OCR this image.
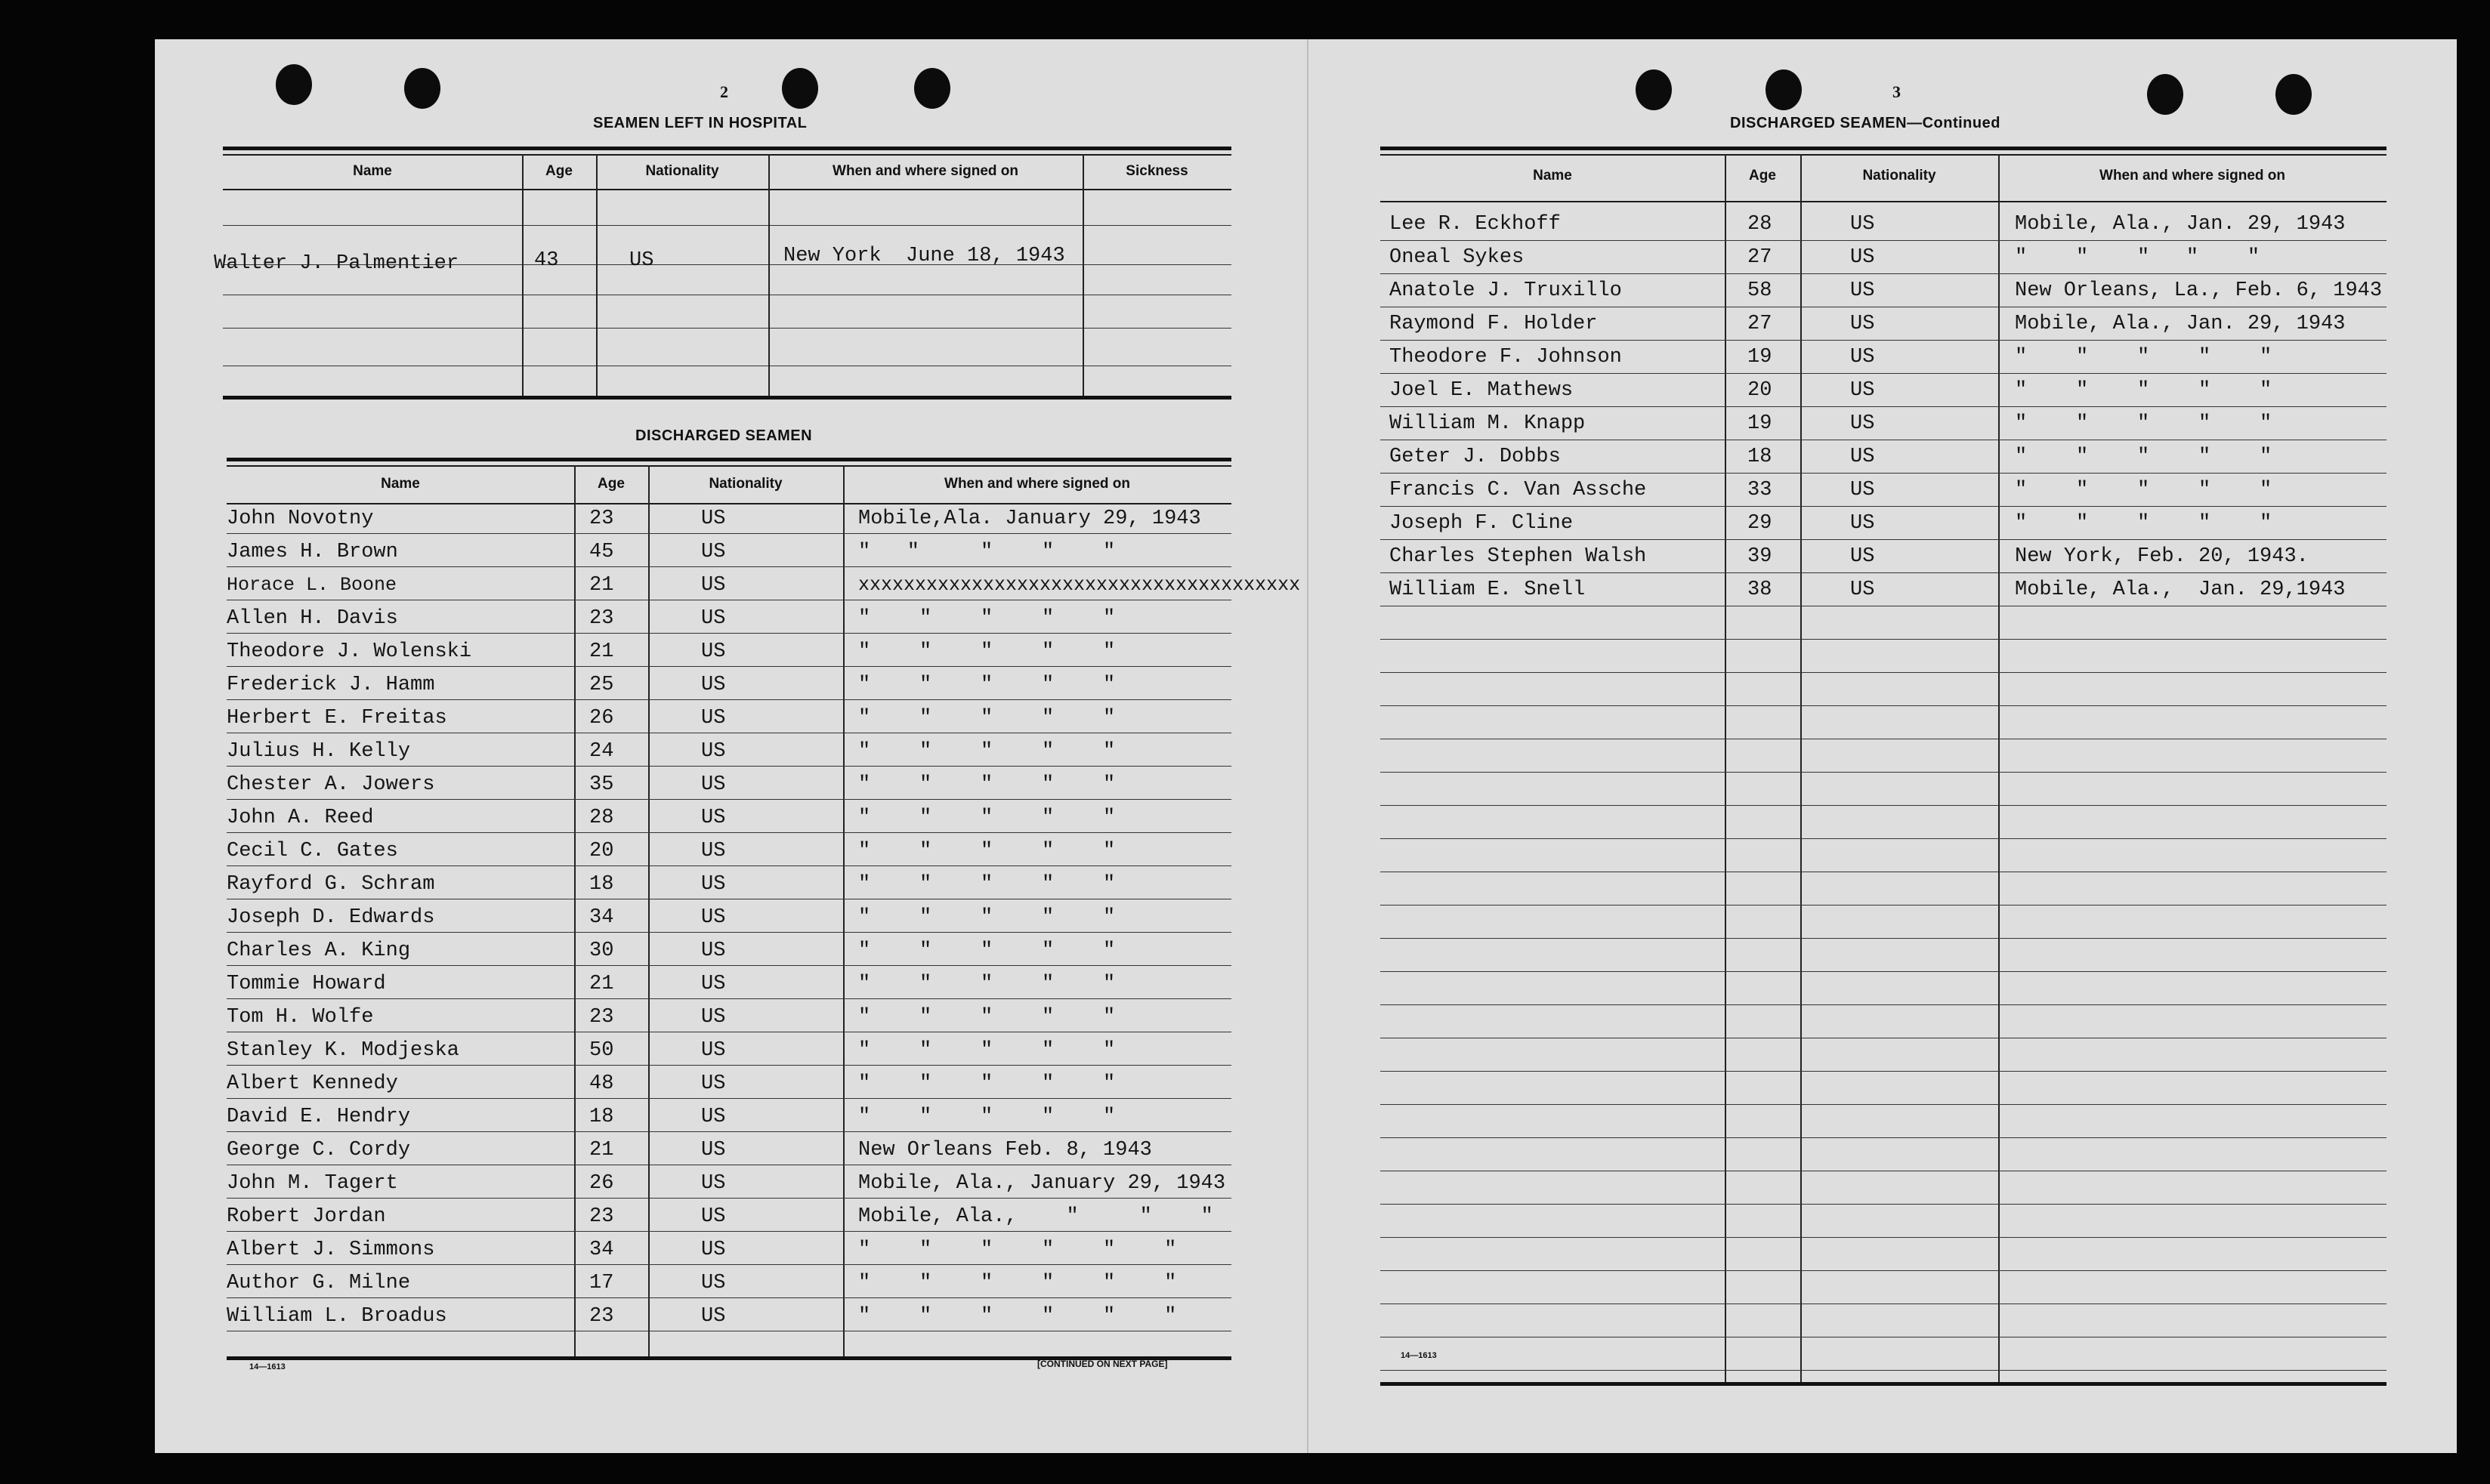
2
SEAMEN LEFT IN HOSPITAL
Name	Age	Nationality	When and where signed on	Sickness
Walter J. Palmentier	43	US	New York  June 18, 1943
DISCHARGED SEAMEN
Name	Age	Nationality	When and where signed on
John Novotny	23	US	Mobile,Ala. January 29, 1943
James H. Brown	45	US	"   "     "    "    "
Horace L. Boone	21	US	xxxxxxxxxxxxxxxxxxxxxxxxxxxxxxxxxxxxxxx
Allen H. Davis	23	US	"    "    "    "    "
Theodore J. Wolenski	21	US	"    "    "    "    "
Frederick J. Hamm	25	US	"    "    "    "    "
Herbert E. Freitas	26	US	"    "    "    "    "
Julius H. Kelly	24	US	"    "    "    "    "
Chester A. Jowers	35	US	"    "    "    "    "
John A. Reed	28	US	"    "    "    "    "
Cecil C. Gates	20	US	"    "    "    "    "
Rayford G. Schram	18	US	"    "    "    "    "
Joseph D. Edwards	34	US	"    "    "    "    "
Charles A. King	30	US	"    "    "    "    "
Tommie Howard	21	US	"    "    "    "    "
Tom H. Wolfe	23	US	"    "    "    "    "
Stanley K. Modjeska	50	US	"    "    "    "    "
Albert Kennedy	48	US	"    "    "    "    "
David E. Hendry	18	US	"    "    "    "    "
George C. Cordy	21	US	New Orleans Feb. 8, 1943
John M. Tagert	26	US	Mobile, Ala., January 29, 1943
Robert Jordan	23	US	Mobile, Ala.,    "     "    "
Albert J. Simmons	34	US	"    "    "    "    "    "
Author G. Milne	17	US	"    "    "    "    "    "
William L. Broadus	23	US	"    "    "    "    "    "
14—1613	[CONTINUED ON NEXT PAGE]
3
DISCHARGED SEAMEN—Continued
Name	Age	Nationality	When and where signed on
Lee R. Eckhoff	28	US	Mobile, Ala., Jan. 29, 1943
Oneal Sykes	27	US	"    "    "   "    "
Anatole J. Truxillo	58	US	New Orleans, La., Feb. 6, 1943
Raymond F. Holder	27	US	Mobile, Ala., Jan. 29, 1943
Theodore F. Johnson	19	US	"    "    "    "    "
Joel E. Mathews	20	US	"    "    "    "    "
William M. Knapp	19	US	"    "    "    "    "
Geter J. Dobbs	18	US	"    "    "    "    "
Francis C. Van Assche	33	US	"    "    "    "    "
Joseph F. Cline	29	US	"    "    "    "    "
Charles Stephen Walsh	39	US	New York, Feb. 20, 1943.
William E. Snell	38	US	Mobile, Ala.,  Jan. 29,1943
14—1613
